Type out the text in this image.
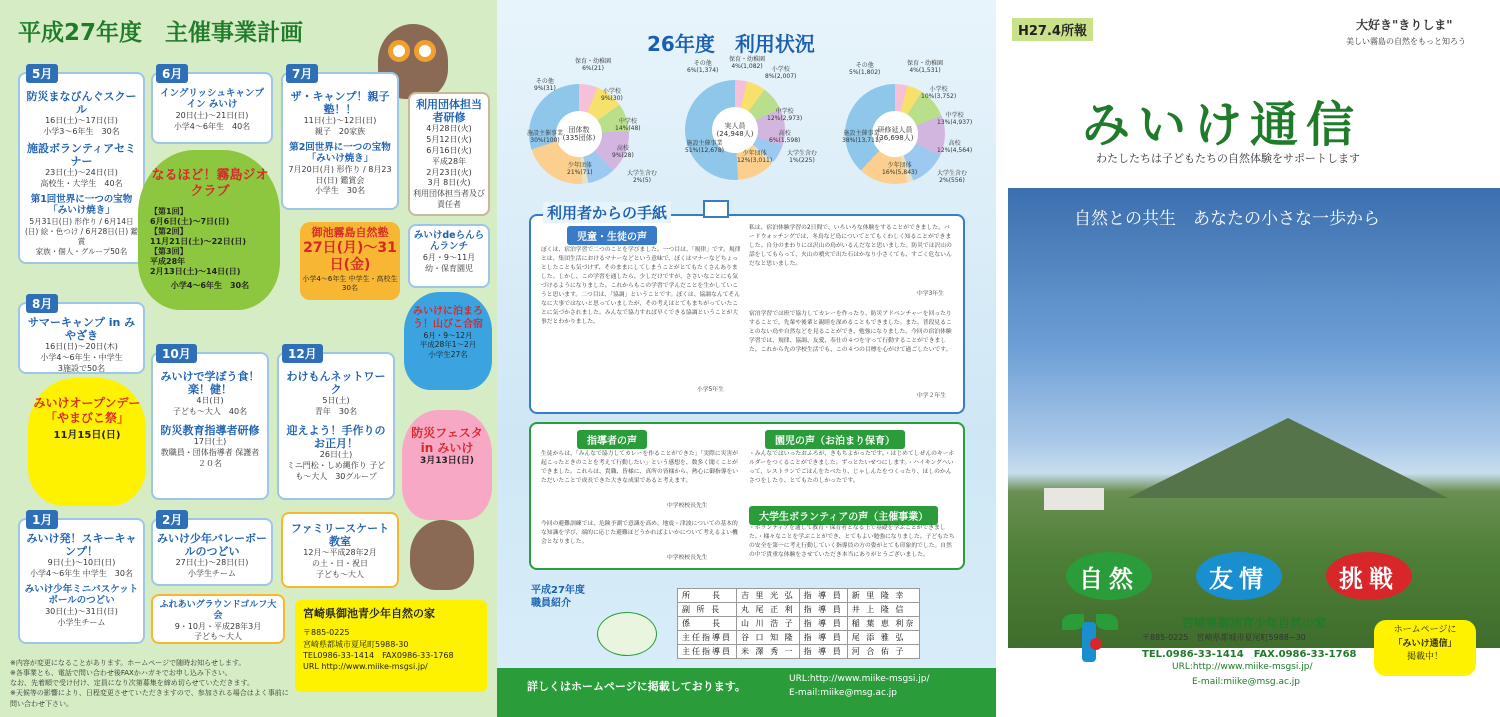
平成27年度　主催事業計画
防災まなびんぐスクール
16日(土)〜17日(日)
小学3〜6年生　30名
施設ボランティアセミナー
23日(土)〜24日(日)
高校生・大学生　40名
第1回世界に一つの宝物「みいけ焼き」
5月31日(日) 形作り / 6月14日(日) 絵・色つけ / 6月28日(日) 鑑賞
家族・個人・グループ50名
5月
イングリッシュキャンプ イン みいけ
20日(土)〜21日(日)
小学4〜6年生　40名
6月
ザ・キャンプ！親子塾！！
11日(土)〜12日(日)
親子　20家族
第2回世界に一つの宝物「みいけ焼き」
7月20日(月) 形作り / 8月23日(日) 鑑賞会
小学生　30名
7月
利用団体担当者研修
4月28日(火)
5月12日(火)
6月16日(火)
平成28年
2月23日(火)
3月 8日(火)
利用団体担当者及び責任者
なるほど！霧島ジオクラブ
【第1回】
6月6日(土)〜7日(日)
【第2回】
11月21日(土)〜22日(日)
【第3回】
平成28年
2月13日(土)〜14日(日)
小学4〜6年生　30名
御池霧島自然塾
27日(月)〜31日(金)
小学4〜6年生 中学生・高校生 30名
みいけdeらんらんランチ
6月・9〜11月
幼・保育園児
みいけに泊まろう！山びこ合宿
6月・9〜12月
平成28年1〜2月
小学生27名
サマーキャンプ in みやざき
16日(日)〜20日(木)
小学4〜6年生・中学生
3施設で50名
8月
みいけオープンデー「やまびこ祭」
11月15日(日)
みいけで学ぼう食！楽！健！
4日(日)
子ども〜大人　40名
防災教育指導者研修
17日(土)
教職員・団体指導者 保護者　２０名
10月
わけもんネットワーク
5日(土)
青年　30名
迎えよう！手作りのお正月！
26日(土)
ミニ門松・しめ縄作り 子ども〜大人　30グループ
12月
防災フェスタ in みいけ
3月13日(日)
みいけ発！スキーキャンプ！
9日(土)〜10日(日)
小学4〜6年生 中学生　30名
みいけ少年ミニバスケットボールのつどい
30日(土)〜31日(日)
小学生チーム
1月
みいけ少年バレーボールのつどい
27日(土)〜28日(日)
小学生チーム
2月
ファミリースケート教室
12月〜平成28年2月
の土・日・祝日
子ども〜大人
ふれあいグラウンドゴルフ大会
9・10月・平成28年3月
子ども〜大人
宮崎県御池青少年自然の家
〒885-0225
宮崎県都城市夏尾町5988-30
TEL0986-33-1414　FAX0986-33-1768
URL http://www.miike-msgsi.jp/
※内容が変更になることがあります。ホームページで随時お知らせします。
※各事業とも、電話で問い合わせ後FAXかハガキでお申し込み下さい。
なお、先着順で受け付け、定員になり次第募集を締め切らせていただきます。
※天候等の影響により、日程変更させていただきますので、参加される場合はよく事前に問い合わせ下さい。
26年度　利用状況
団体数
(335団体)
保育・幼稚園
6%(21)
その他
9%(31)	小学校
9%(30)
中学校
14%(48)
高校
9%(28)
大学生含む
2%(5)
少年団体
21%(71)
施設主催事業
30%(100)
実人員
(24,948人)
その他
6%(1,374)
保育・幼稚園
4%(1,082)	小学校
8%(2,007)
中学校
12%(2,973)
高校
6%(1,598)
大学生含む
1%(225)
少年団体
12%(3,011)
施設主催事業
51%(12,678)
研修延人員
(36,698人)
その他
5%(1,802)
保育・幼稚園
4%(1,531)
小学校
10%(3,752)
中学校
13%(4,937)
高校
12%(4,564)
大学生含む
2%(556)
少年団体
16%(5,843)
施設主催事業
38%(13,711)
利用者からの手紙
児童・生徒の声
ぼくは、宿泊学習で二つのことを学びました。一つ目は、「規律」です。規律とは、集団生活におけるマナーなどという意味で、ぼくはマナーなどちょっとしたことも気づけず、そのままにしてしまうことがとてもたくさんありました。しかし、この学習を通したら、少しだけですが、ささいなことにも気づけるようになりました。これからもこの学習で学んだことを生かしていこうと思います。二つ目は、「協調」ということです。ぼくは、協調なんてそんなに大事ではないと思っていましたが、その考えはとてもまちがっていたことに気づかされました。みんなで協力すれば早くできる協調ということが大事だとわかりました。
小学5年生
私は、宿泊体験学習の2日間で、いろいろな体験をすることができました。バードウォッチングでは、冬鳥など鳥についてとてもくわしく知ることができました。自分のまわりには沢山の鳥がいるんだなと思いました。防災では沢山の話をしてもらって、火山の噴火で出た石はかなり小さくても、すごく危ないんだなと思いました。
中学3年生
宿泊学習では班で協力してカレーを作ったり、防災アドベンチャーを回ったりすることで、先輩や後輩と親睦を深めることもできました。また、普段見ることのない鳥や自然などを見ることができ、勉強になりました。今回の宿泊体験学習では、規律、協調、友愛、奉仕の４つを守って行動することができました。これから先の学校生活でも、この４つの目標を心がけて過ごしたいです。
中学２年生
指導者の声
生徒からは、「みんなで協力してカレーを作ることができた」「実際に災害が起こったときのことを考えて行動したい」という感想を、数多く聞くことができました。これらは、貴職、皆様に、真所の皆様から、熱心に御指導をいただいたことで成長できた大きな成果であると考えます。
中学校校長先生
今回の避難訓練では、危険予測で意識を高め、地震・津波についての基本的な知識を学び、端的に応じた避難ほどうかればよいかについて考えるよい機会となりました。
中学校校長先生
園児の声（お泊まり保育）
・みんなではいったおふろが、きもちよかったです。・はじめてしぜんのキーホルダーをつくることができました。ずっとたいせつにします。・ハイキングへいって、レストランでごはんをたべたり、じゃしんたをつくったり、ほしのかんさつをしたり、とてもたのしかったです。
大学生ボランティアの声（主催事業）
・ボランティアを通して教育・保育者となる上で基礎を学ぶことができました。・様々なことを学ぶことができ、とてもよい勉強になりました。子どもたちの安全を第一に考え行動していく指導員の方の姿がとても印象的でした。自然の中で貴重な体験をさせていただき本当にありがとうございました。
平成27年度
職員紹介
所　　長	吉 里 光 弘	指 導 員	新 里 隆 幸
副 所 長	丸 尾 正 利	指 導 員	井 上 隆 信
係　　長	山 川 浩 子	指 導 員	稲 葉 恵 利奈
主任指導員	谷 口 知 隆	指 導 員	尾 添 雅 弘
主任指導員	米 澤 秀 一	指 導 員	河 合 佑 子
詳しくはホームページに掲載しております。
URL:http://www.miike-msgsi.jp/
E-mail:miike@msg.ac.jp
H27.4所報	大好き"きりしま"
美しい霧島の自然をもっと知ろう
みいけ通信
わたしたちは子どもたちの自然体験をサポートします
自然との共生　あなたの小さな一歩から
自然	友情	挑戦
宮崎県御池青少年自然の家
〒885-0225　宮崎県都城市夏尾町5988−30
TEL.0986-33-1414　FAX.0986-33-1768
URL:http://www.miike-msgsi.jp/
E-mail:miike@msg.ac.jp
ホームページに
「みいけ通信」
掲載中！
